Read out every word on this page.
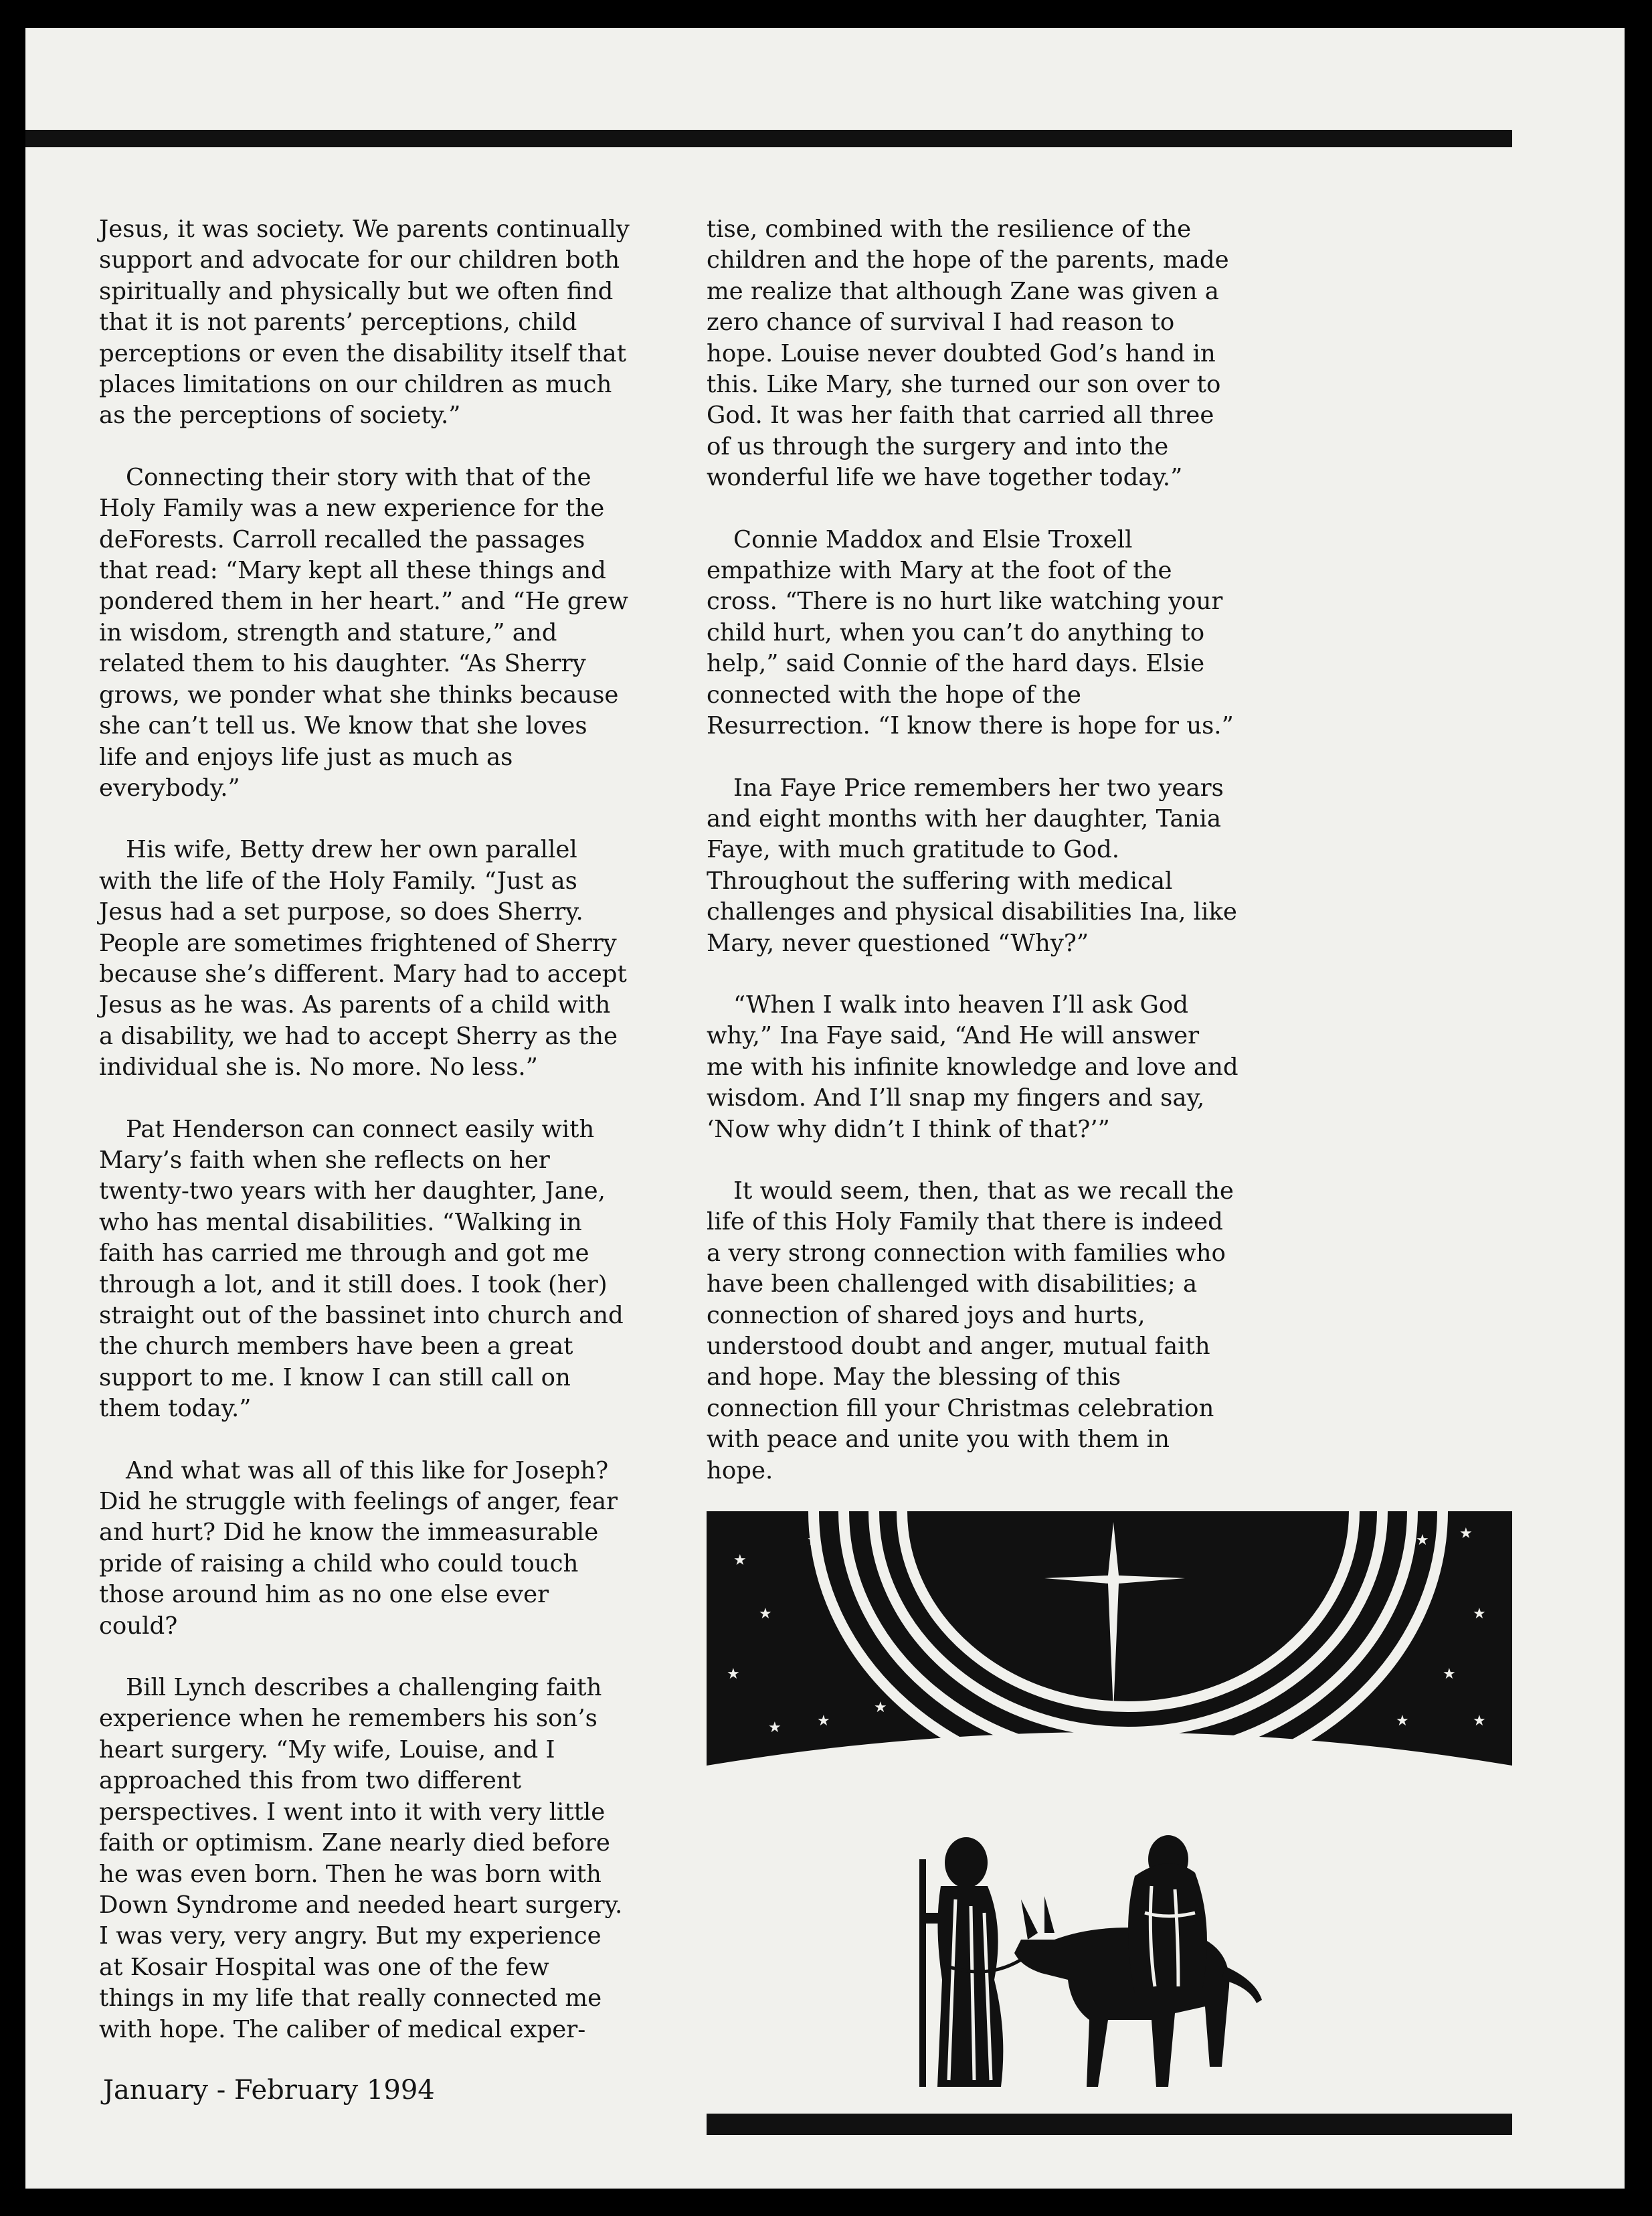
Jesus, it was society. We parents continually support and advocate for our children both spiritually and physically but we often find that it is not parents’ perceptions, child perceptions or even the disability itself that places limitations on our children as much as the perceptions of society.”

Connecting their story with that of the Holy Family was a new experience for the deForests. Carroll recalled the passages that read: “Mary kept all these things and pondered them in her heart.” and “He grew in wisdom, strength and stature,” and related them to his daughter. “As Sherry grows, we ponder what she thinks because she can’t tell us. We know that she loves life and enjoys life just as much as everybody.”

His wife, Betty drew her own parallel with the life of the Holy Family. “Just as Jesus had a set purpose, so does Sherry. People are sometimes frightened of Sherry because she’s different. Mary had to accept Jesus as he was. As parents of a child with a disability, we had to accept Sherry as the individual she is. No more. No less.”

Pat Henderson can connect easily with Mary’s faith when she reflects on her twenty-two years with her daughter, Jane, who has mental disabilities. “Walking in faith has carried me through and got me through a lot, and it still does. I took (her) straight out of the bassinet into church and the church members have been a great support to me. I know I can still call on them today.”

And what was all of this like for Joseph? Did he struggle with feelings of anger, fear and hurt? Did he know the immeasurable pride of raising a child who could touch those around him as no one else ever could?

Bill Lynch describes a challenging faith experience when he remembers his son’s heart surgery. “My wife, Louise, and I approached this from two different perspectives. I went into it with very little faith or optimism. Zane nearly died before he was even born. Then he was born with Down Syndrome and needed heart surgery. I was very, very angry. But my experience at Kosair Hospital was one of the few things in my life that really connected me with hope. The caliber of medical exper-

tise, combined with the resilience of the children and the hope of the parents, made me realize that although Zane was given a zero chance of survival I had reason to hope. Louise never doubted God’s hand in this. Like Mary, she turned our son over to God. It was her faith that carried all three of us through the surgery and into the wonderful life we have together today.”

Connie Maddox and Elsie Troxell empathize with Mary at the foot of the cross. “There is no hurt like watching your child hurt, when you can’t do anything to help,” said Connie of the hard days. Elsie connected with the hope of the Resurrection. “I know there is hope for us.”

Ina Faye Price remembers her two years and eight months with her daughter, Tania Faye, with much gratitude to God. Throughout the suffering with medical challenges and physical disabilities Ina, like Mary, never questioned “Why?”

“When I walk into heaven I’ll ask God why,” Ina Faye said, “And He will answer me with his infinite knowledge and love and wisdom. And I’ll snap my fingers and say, ‘Now why didn’t I think of that?’”

It would seem, then, that as we recall the life of this Holy Family that there is indeed a very strong connection with families who have been challenged with disabilities; a connection of shared joys and hurts, understood doubt and anger, mutual faith and hope. May the blessing of this connection fill your Christmas celebration with peace and unite you with them in hope.

★
★
★
★
★ ★
★
★
★
★
★
★
★ ★
★
★
★	★
★
★
★
January - February 1994
